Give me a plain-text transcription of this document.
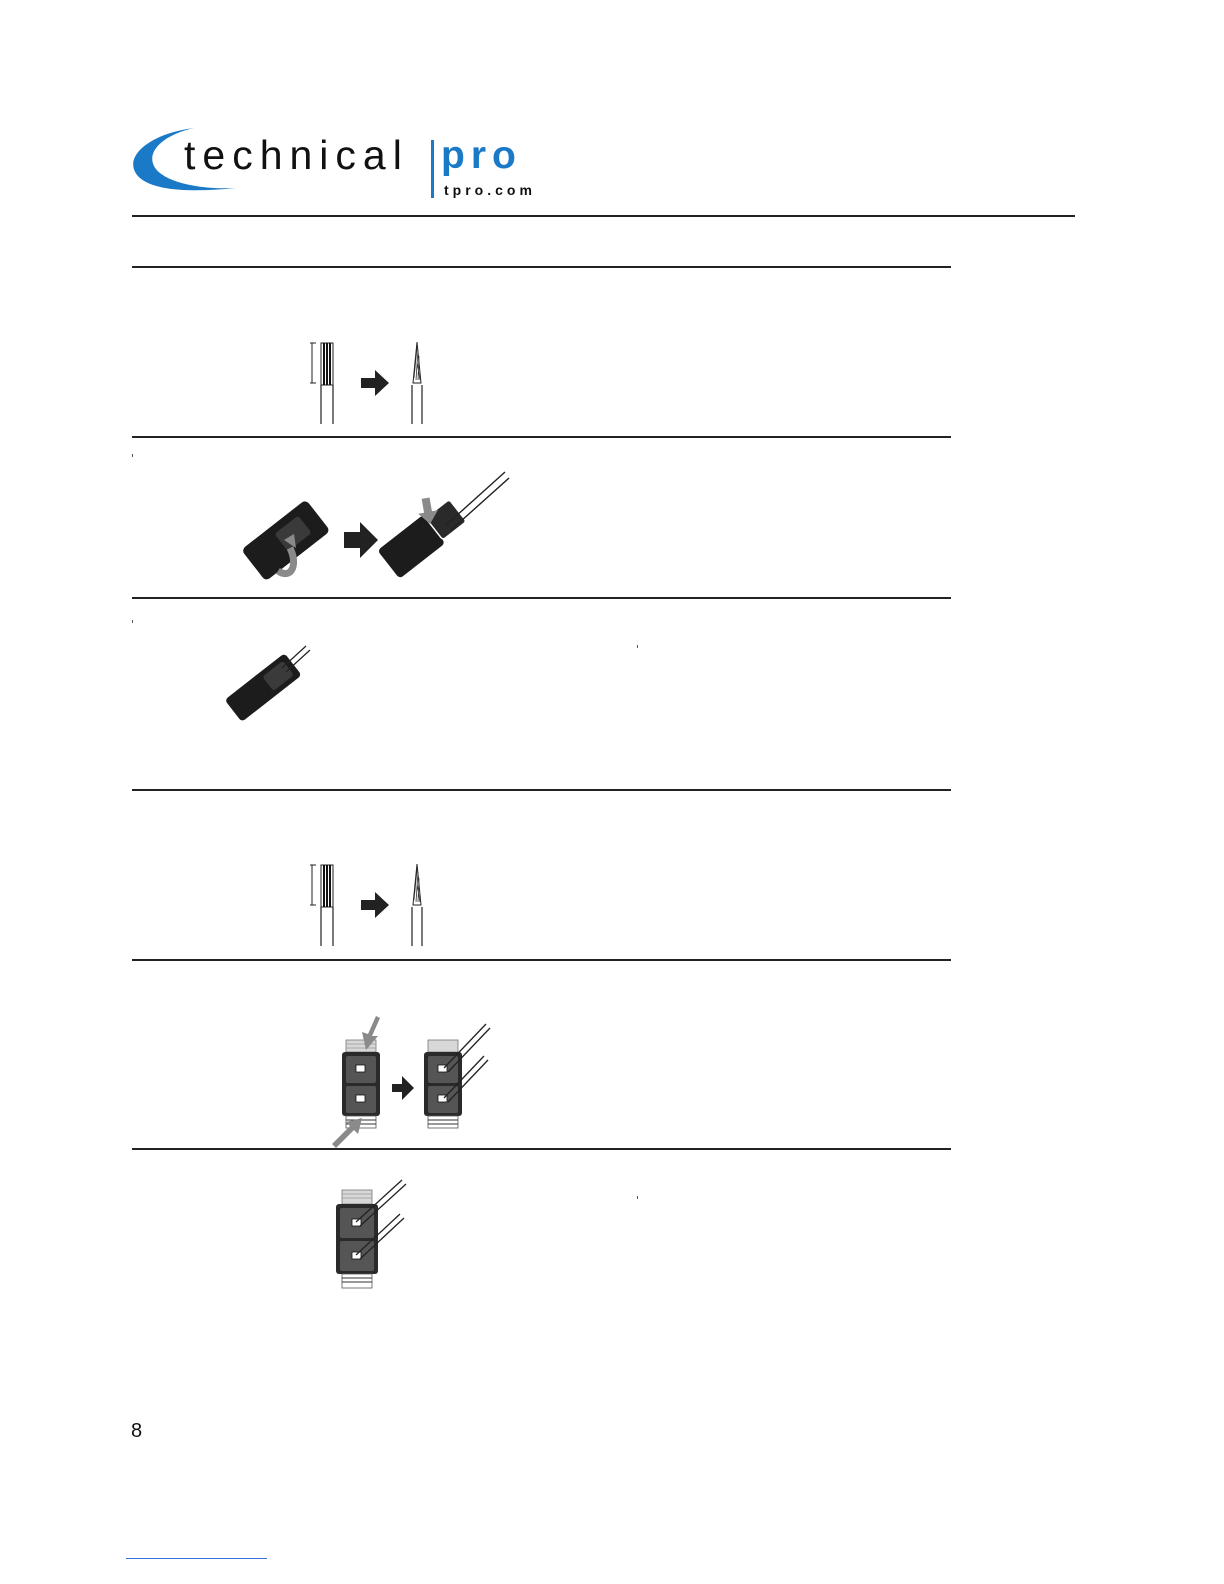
technical pro
tpro.com
8
